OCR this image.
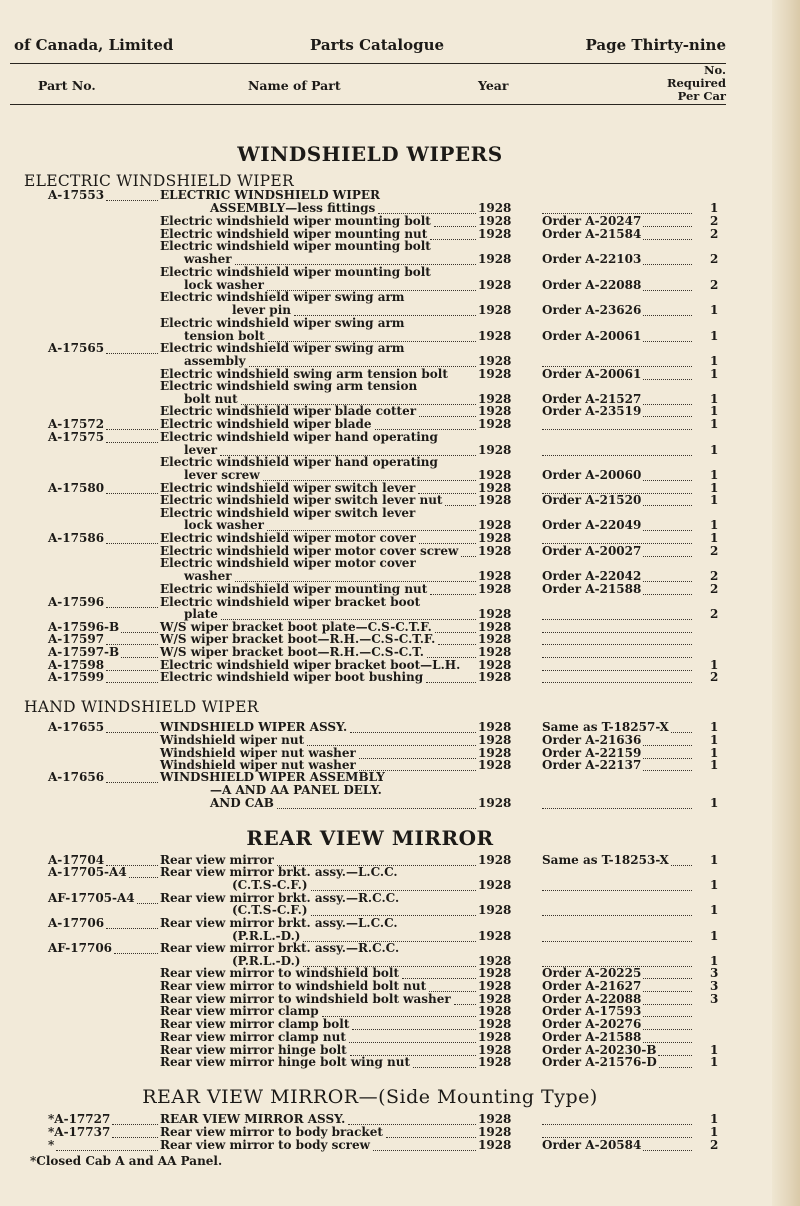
of Canada, Limited	Parts Catalogue	Page Thirty-nine
Part No.	Name of Part	Year
No.
Required
Per Car
WINDSHIELD WIPERS
ELECTRIC WINDSHIELD WIPER
HAND WINDSHIELD WIPER
REAR VIEW MIRROR
REAR VIEW MIRROR—(Side Mounting Type)
A-17553	ELECTRIC WINDSHIELD WIPER
ASSEMBLY—less fittings	1928	1
Electric windshield wiper mounting bolt	1928	Order A-20247	2
Electric windshield wiper mounting nut	1928	Order A-21584	2
Electric windshield wiper mounting bolt
washer	1928	Order A-22103	2
Electric windshield wiper mounting bolt
lock washer	1928	Order A-22088	2
Electric windshield wiper swing arm
lever pin	1928	Order A-23626	1
Electric windshield wiper swing arm
tension bolt	1928	Order A-20061	1
A-17565	Electric windshield wiper swing arm
assembly	1928	1
Electric windshield swing arm tension bolt	1928	Order A-20061	1
Electric windshield swing arm tension
bolt nut	1928	Order A-21527	1
Electric windshield wiper blade cotter	1928	Order A-23519	1
A-17572	Electric windshield wiper blade	1928	1
A-17575	Electric windshield wiper hand operating
lever	1928	1
Electric windshield wiper hand operating
lever screw	1928	Order A-20060	1
A-17580	Electric windshield wiper switch lever	1928	1
Electric windshield wiper switch lever nut	1928	Order A-21520	1
Electric windshield wiper switch lever
lock washer	1928	Order A-22049	1
A-17586	Electric windshield wiper motor cover	1928	1
Electric windshield wiper motor cover screw 1928	Order A-20027	2
Electric windshield wiper motor cover
washer	1928	Order A-22042	2
Electric windshield wiper mounting nut	1928	Order A-21588	2
A-17596	Electric windshield wiper bracket boot
plate	1928	2
A-17596-B	W/S wiper bracket boot plate—C.S-C.T.F.	1928
A-17597	W/S wiper bracket boot—R.H.—C.S-C.T.F.	1928
A-17597-B	W/S wiper bracket boot—R.H.—C.S-C.T.	1928
A-17598	Electric windshield wiper bracket boot—L.H. 1928	1
A-17599	Electric windshield wiper boot bushing	1928	2
A-17655	WINDSHIELD WIPER ASSY.	1928	Same as T-18257-X	1
Windshield wiper nut	1928	Order A-21636	1
Windshield wiper nut washer	1928	Order A-22159	1
Windshield wiper nut washer	1928	Order A-22137	1
A-17656	WINDSHIELD WIPER ASSEMBLY
—A AND AA PANEL DELY.
AND CAB	1928	1
A-17704	Rear view mirror	1928	Same as T-18253-X	1
A-17705-A4	Rear view mirror brkt. assy.—L.C.C.
(C.T.S-C.F.)	1928	1
AF-17705-A4 Rear view mirror brkt. assy.—R.C.C.
(C.T.S-C.F.)	1928	1
A-17706	Rear view mirror brkt. assy.—L.C.C.
(P.R.L.-D.)	1928	1
AF-17706	Rear view mirror brkt. assy.—R.C.C.
(P.R.L.-D.)	1928	1
Rear view mirror to windshield bolt	1928	Order A-20225	3
Rear view mirror to windshield bolt nut	1928	Order A-21627	3
Rear view mirror to windshield bolt washer 1928	Order A-22088	3
Rear view mirror clamp	1928	Order A-17593
Rear view mirror clamp bolt	1928	Order A-20276
Rear view mirror clamp nut	1928	Order A-21588
Rear view mirror hinge bolt	1928	Order A-20230-B	1
Rear view mirror hinge bolt wing nut	1928	Order A-21576-D	1
*A-17727	REAR VIEW MIRROR ASSY.	1928	1
*A-17737	Rear view mirror to body bracket	1928	1
*	Rear view mirror to body screw	1928	Order A-20584	2
*Closed Cab A and AA Panel.
